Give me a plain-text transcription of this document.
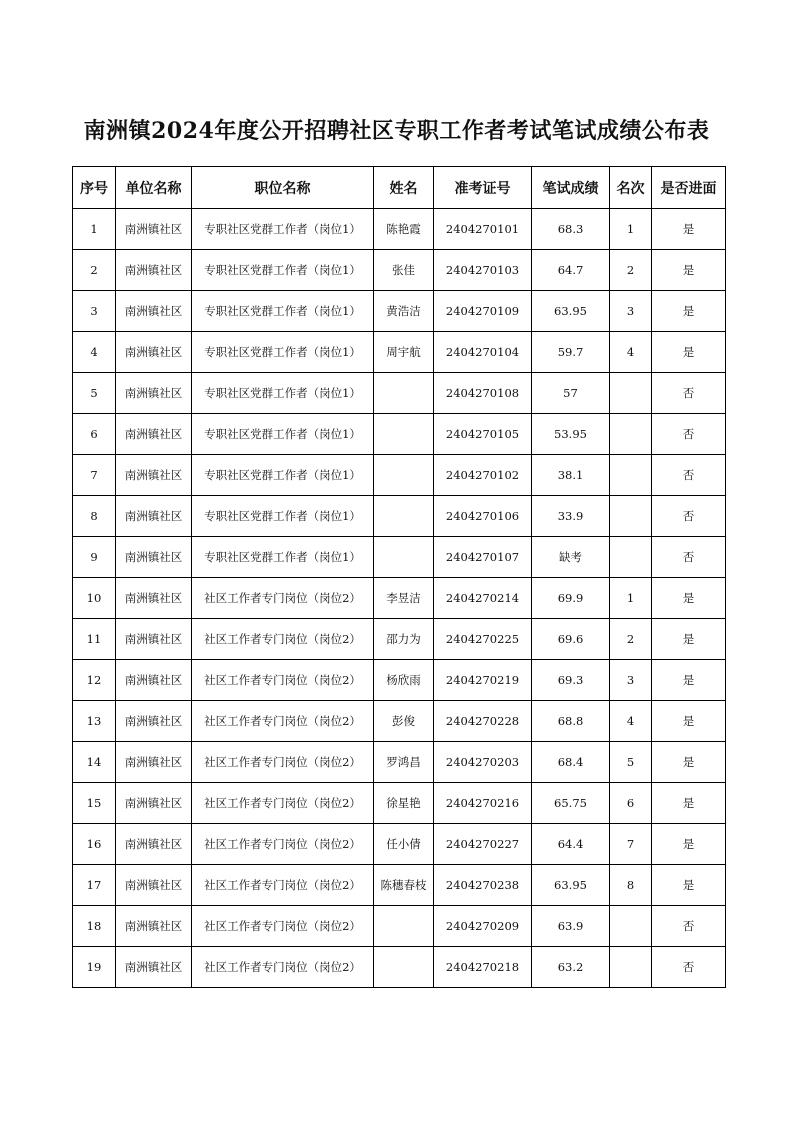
南洲镇2024年度公开招聘社区专职工作者考试笔试成绩公布表
序号	单位名称	职位名称	姓名	准考证号	笔试成绩	名次	是否进面
1	南洲镇社区	专职社区党群工作者（岗位1）	陈艳霞	2404270101	68.3	1	是
2	南洲镇社区	专职社区党群工作者（岗位1）	张佳	2404270103	64.7	2	是
3	南洲镇社区	专职社区党群工作者（岗位1）	黄浩洁	2404270109	63.95	3	是
4	南洲镇社区	专职社区党群工作者（岗位1）	周宇航	2404270104	59.7	4	是
5	南洲镇社区	专职社区党群工作者（岗位1）		2404270108	57		否
6	南洲镇社区	专职社区党群工作者（岗位1）		2404270105	53.95		否
7	南洲镇社区	专职社区党群工作者（岗位1）		2404270102	38.1		否
8	南洲镇社区	专职社区党群工作者（岗位1）		2404270106	33.9		否
9	南洲镇社区	专职社区党群工作者（岗位1）		2404270107	缺考		否
10	南洲镇社区	社区工作者专门岗位（岗位2）	李昱洁	2404270214	69.9	1	是
11	南洲镇社区	社区工作者专门岗位（岗位2）	邵力为	2404270225	69.6	2	是
12	南洲镇社区	社区工作者专门岗位（岗位2）	杨欣雨	2404270219	69.3	3	是
13	南洲镇社区	社区工作者专门岗位（岗位2）	彭俊	2404270228	68.8	4	是
14	南洲镇社区	社区工作者专门岗位（岗位2）	罗鸿昌	2404270203	68.4	5	是
15	南洲镇社区	社区工作者专门岗位（岗位2）	徐星艳	2404270216	65.75	6	是
16	南洲镇社区	社区工作者专门岗位（岗位2）	任小倩	2404270227	64.4	7	是
17	南洲镇社区	社区工作者专门岗位（岗位2）	陈穗春枝	2404270238	63.95	8	是
18	南洲镇社区	社区工作者专门岗位（岗位2）		2404270209	63.9		否
19	南洲镇社区	社区工作者专门岗位（岗位2）		2404270218	63.2		否
